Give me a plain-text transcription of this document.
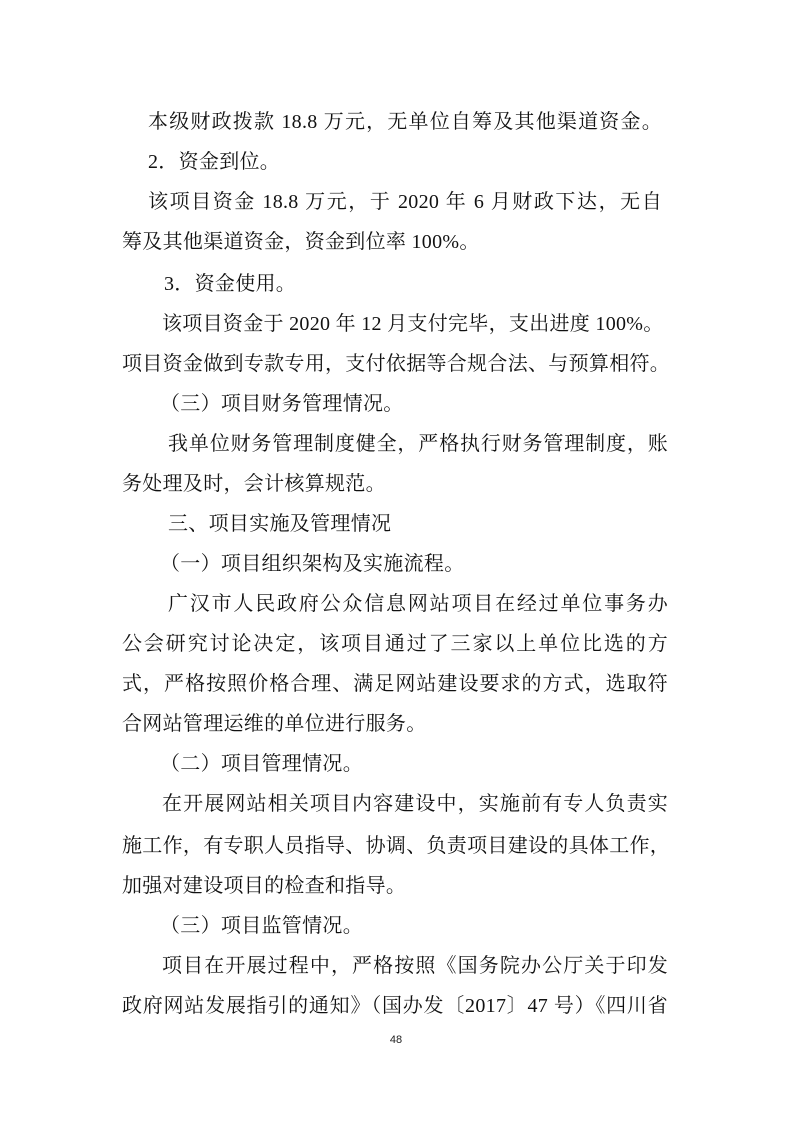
本级财政拨款 18.8 万元，无单位自筹及其他渠道资金。
2．资金到位。
该项目资金 18.8 万元，于 2020 年 6 月财政下达，无自
筹及其他渠道资金，资金到位率 100%。
3．资金使用。
该项目资金于 2020 年 12 月支付完毕，支出进度 100%。
项目资金做到专款专用，支付依据等合规合法、与预算相符。
（三）项目财务管理情况。
我单位财务管理制度健全，严格执行财务管理制度，账
务处理及时，会计核算规范。
三、项目实施及管理情况
（一）项目组织架构及实施流程。
广汉市人民政府公众信息网站项目在经过单位事务办
公会研究讨论决定，该项目通过了三家以上单位比选的方
式，严格按照价格合理、满足网站建设要求的方式，选取符
合网站管理运维的单位进行服务。
（二）项目管理情况。
在开展网站相关项目内容建设中，实施前有专人负责实
施工作，有专职人员指导、协调、负责项目建设的具体工作，
加强对建设项目的检查和指导。
（三）项目监管情况。
项目在开展过程中，严格按照《国务院办公厅关于印发
政府网站发展指引的通知》（国办发〔2017〕47 号）《四川省
48
